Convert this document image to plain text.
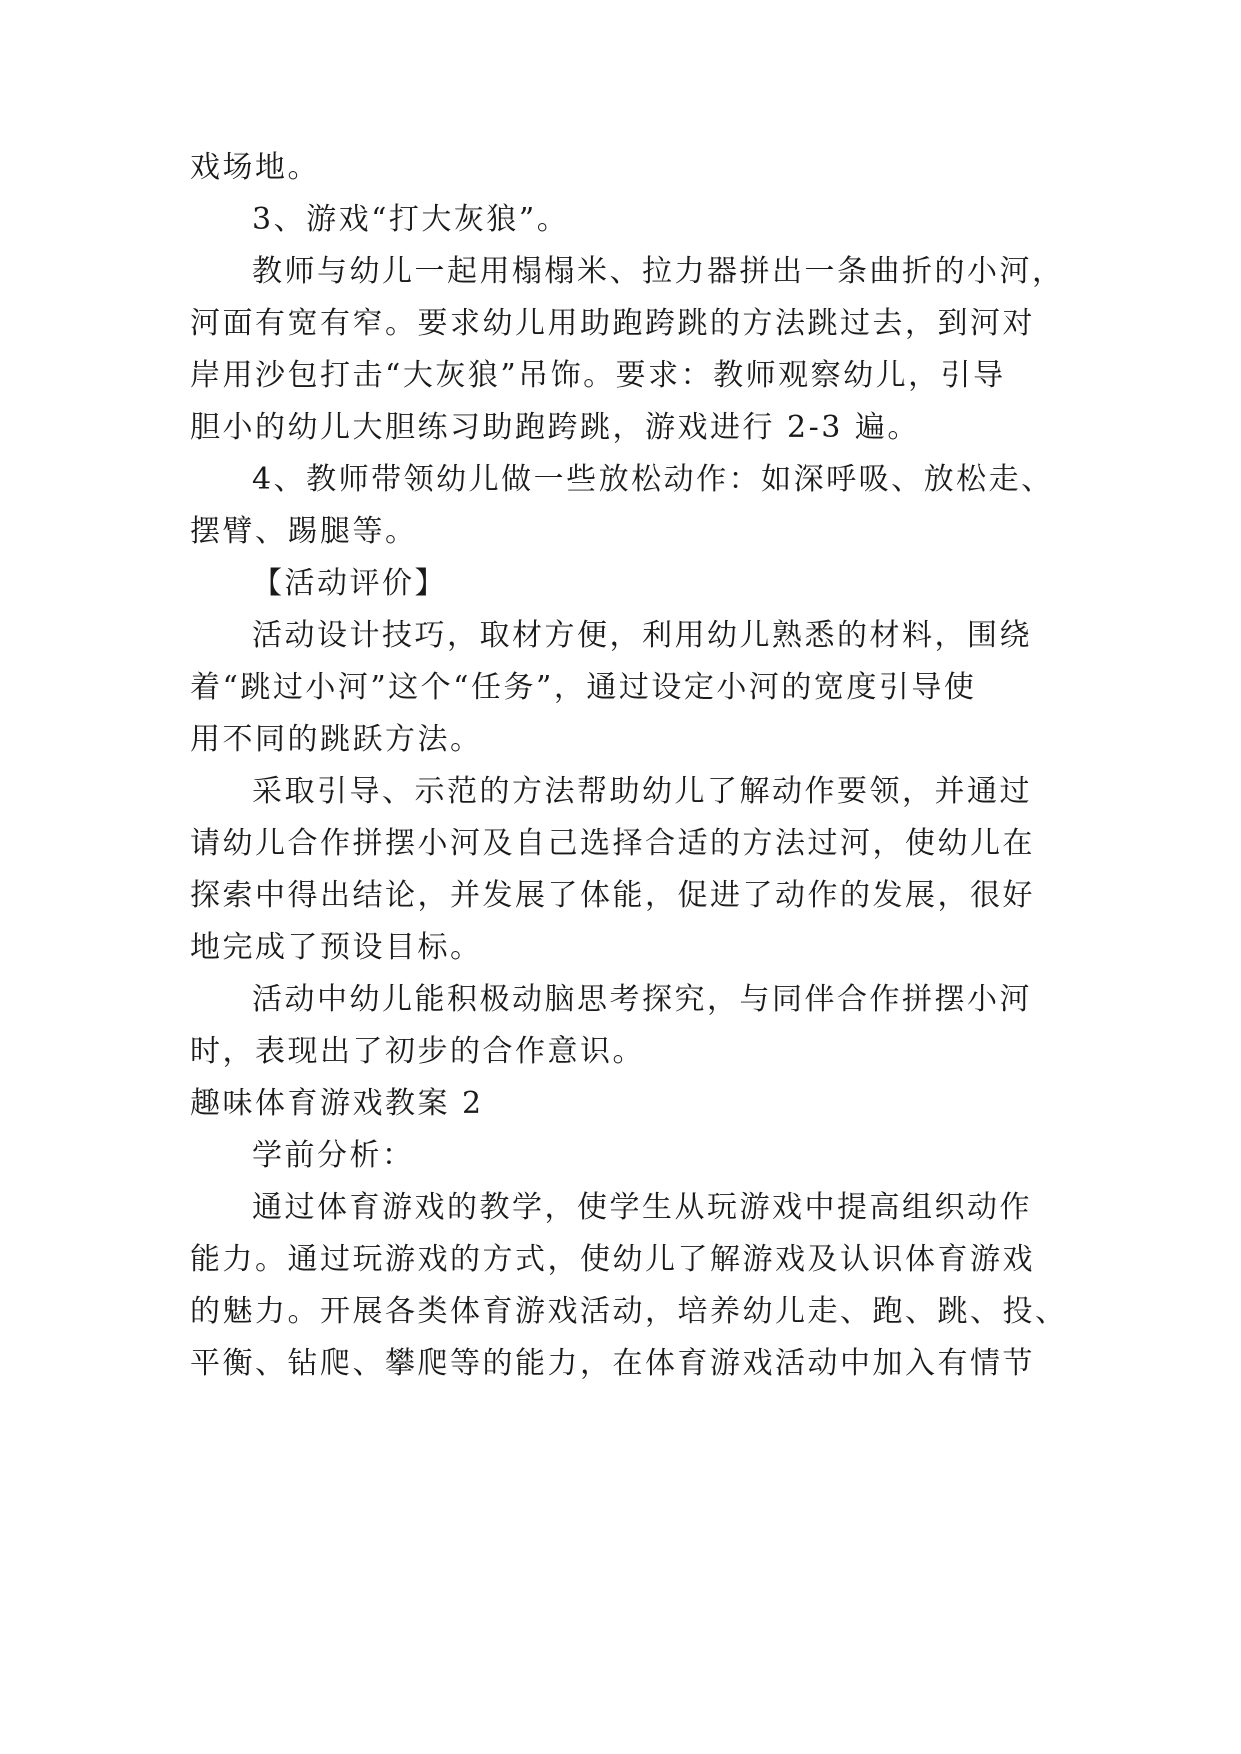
戏场地。
3、游戏“打大灰狼”。
教师与幼儿一起用榻榻米、拉力器拼出一条曲折的小河，
河面有宽有窄。要求幼儿用助跑跨跳的方法跳过去，到河对
岸用沙包打击“大灰狼”吊饰。要求：教师观察幼儿，引导
胆小的幼儿大胆练习助跑跨跳，游戏进行 2-3 遍。
4、教师带领幼儿做一些放松动作：如深呼吸、放松走、
摆臂、踢腿等。
【活动评价】
活动设计技巧，取材方便，利用幼儿熟悉的材料，围绕
着“跳过小河”这个“任务”，通过设定小河的宽度引导使
用不同的跳跃方法。
采取引导、示范的方法帮助幼儿了解动作要领，并通过
请幼儿合作拼摆小河及自己选择合适的方法过河，使幼儿在
探索中得出结论，并发展了体能，促进了动作的发展，很好
地完成了预设目标。
活动中幼儿能积极动脑思考探究，与同伴合作拼摆小河
时，表现出了初步的合作意识。
趣味体育游戏教案 2
学前分析：
通过体育游戏的教学，使学生从玩游戏中提高组织动作
能力。通过玩游戏的方式，使幼儿了解游戏及认识体育游戏
的魅力。开展各类体育游戏活动，培养幼儿走、跑、跳、投、
平衡、钻爬、攀爬等的能力，在体育游戏活动中加入有情节
